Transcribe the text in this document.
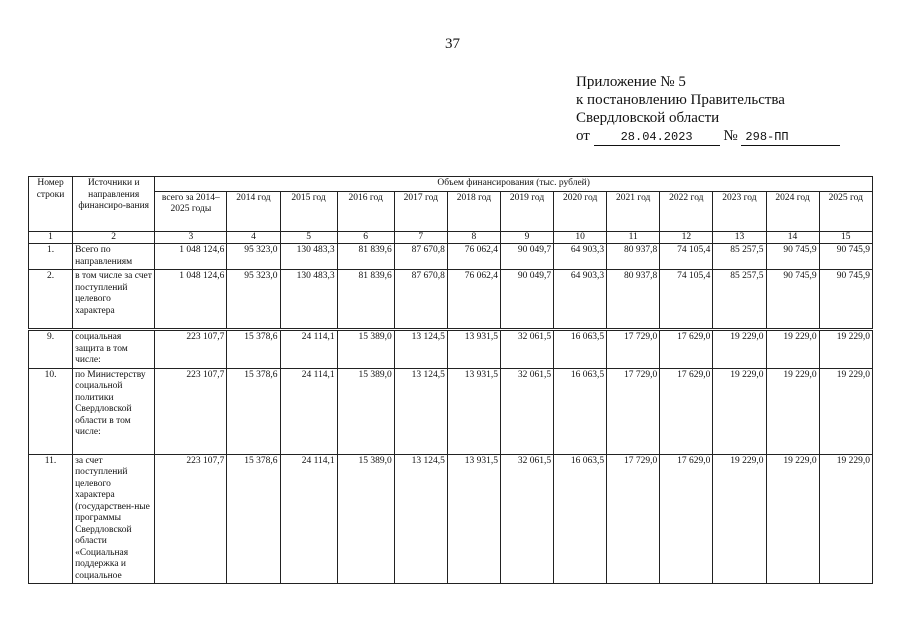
37
Приложение № 5
к постановлению Правительства
Свердловской области
от	28.04.2023 № 298-ПП
Номер строки	Источники и направления финансиро-вания	Объем финансирования (тыс. рублей)												
		всего за 2014–2025 годы	2014 год	2015 год	2016 год	2017 год	2018 год	2019 год	2020 год	2021 год	2022 год	2023 год	2024 год	2025 год
1	2	3	4	5	6	7	8	9	10	11	12	13	14	15
1.	Всего по направлениям	1 048 124,6	95 323,0	130 483,3	81 839,6	87 670,8	76 062,4	90 049,7	64 903,3	80 937,8	74 105,4	85 257,5	90 745,9	90 745,9
2.	в том числе за счет поступлений целевого характера	1 048 124,6	95 323,0	130 483,3	81 839,6	87 670,8	76 062,4	90 049,7	64 903,3	80 937,8	74 105,4	85 257,5	90 745,9	90 745,9
9.	социальная защита в том числе:	223 107,7	15 378,6	24 114,1	15 389,0	13 124,5	13 931,5	32 061,5	16 063,5	17 729,0	17 629,0	19 229,0	19 229,0	19 229,0
10.	по Министерству социальной политики Свердловской области в том числе:	223 107,7	15 378,6	24 114,1	15 389,0	13 124,5	13 931,5	32 061,5	16 063,5	17 729,0	17 629,0	19 229,0	19 229,0	19 229,0
11.	за счет поступлений целевого характера (государствен-ные программы Свердловской области «Социальная поддержка и социальное	223 107,7	15 378,6	24 114,1	15 389,0	13 124,5	13 931,5	32 061,5	16 063,5	17 729,0	17 629,0	19 229,0	19 229,0	19 229,0
